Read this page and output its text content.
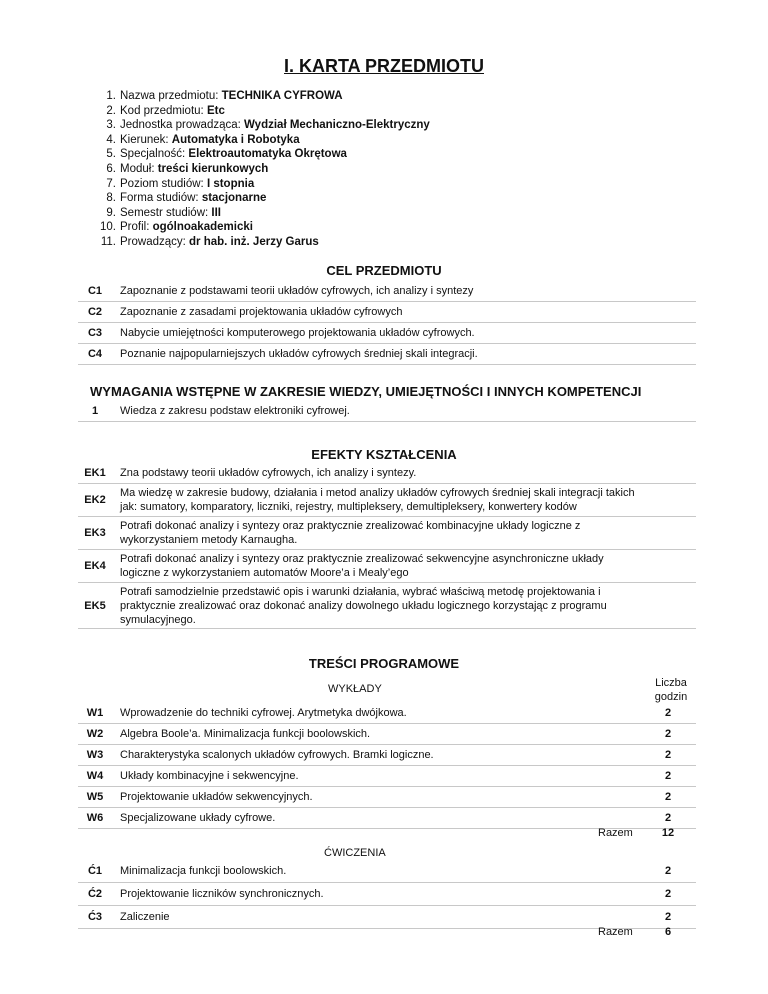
I. KARTA PRZEDMIOTU
1. Nazwa przedmiotu: TECHNIKA CYFROWA
2. Kod przedmiotu: Etc
3. Jednostka prowadząca: Wydział Mechaniczno-Elektryczny
4. Kierunek: Automatyka i Robotyka
5. Specjalność: Elektroautomatyka Okrętowa
6. Moduł: treści kierunkowych
7. Poziom studiów: I stopnia
8. Forma studiów: stacjonarne
9. Semestr studiów: III
10. Profil: ogólnoakademicki
11. Prowadzący: dr hab. inż. Jerzy Garus
CEL PRZEDMIOTU
C1	Zapoznanie z podstawami teorii układów cyfrowych, ich analizy i syntezy
C2	Zapoznanie z zasadami projektowania układów cyfrowych
C3	Nabycie umiejętności komputerowego projektowania układów cyfrowych.
C4	Poznanie najpopularniejszych układów cyfrowych średniej skali integracji.
WYMAGANIA WSTĘPNE W ZAKRESIE WIEDZY, UMIEJĘTNOŚCI I INNYCH KOMPETENCJI
1	Wiedza z zakresu podstaw elektroniki cyfrowej.
EFEKTY KSZTAŁCENIA
EK1	Zna podstawy teorii układów cyfrowych, ich analizy i syntezy.
EK2
Ma wiedzę w zakresie budowy, działania i metod analizy układów cyfrowych średniej skali integracji takich jak: sumatory, komparatory, liczniki, rejestry, multipleksery, demultipleksery, konwertery kodów
EK3
Potrafi dokonać analizy i syntezy oraz praktycznie zrealizować kombinacyjne układy logiczne z wykorzystaniem metody Karnaugha.
EK4
Potrafi dokonać analizy i syntezy oraz praktycznie zrealizować sekwencyjne asynchroniczne układy logiczne z wykorzystaniem automatów Moore’a i Mealy’ego
EK5
Potrafi samodzielnie przedstawić opis i warunki działania, wybrać właściwą metodę projektowania i praktycznie zrealizować oraz dokonać analizy dowolnego układu logicznego korzystając z programu symulacyjnego.
TREŚCI PROGRAMOWE
WYKŁADY	Liczba
godzin
W1	Wprowadzenie do techniki cyfrowej. Arytmetyka dwójkowa.	2
W2	Algebra Boole’a. Minimalizacja funkcji boolowskich.	2
W3	Charakterystyka scalonych układów cyfrowych. Bramki logiczne.	2
W4	Układy kombinacyjne i sekwencyjne.	2
W5	Projektowanie układów sekwencyjnych.	2
W6	Specjalizowane układy cyfrowe.	2
Razem	12
ĆWICZENIA
Ć1	Minimalizacja funkcji boolowskich.	2
Ć2	Projektowanie liczników synchronicznych.	2
Ć3	Zaliczenie	2
Razem	6
